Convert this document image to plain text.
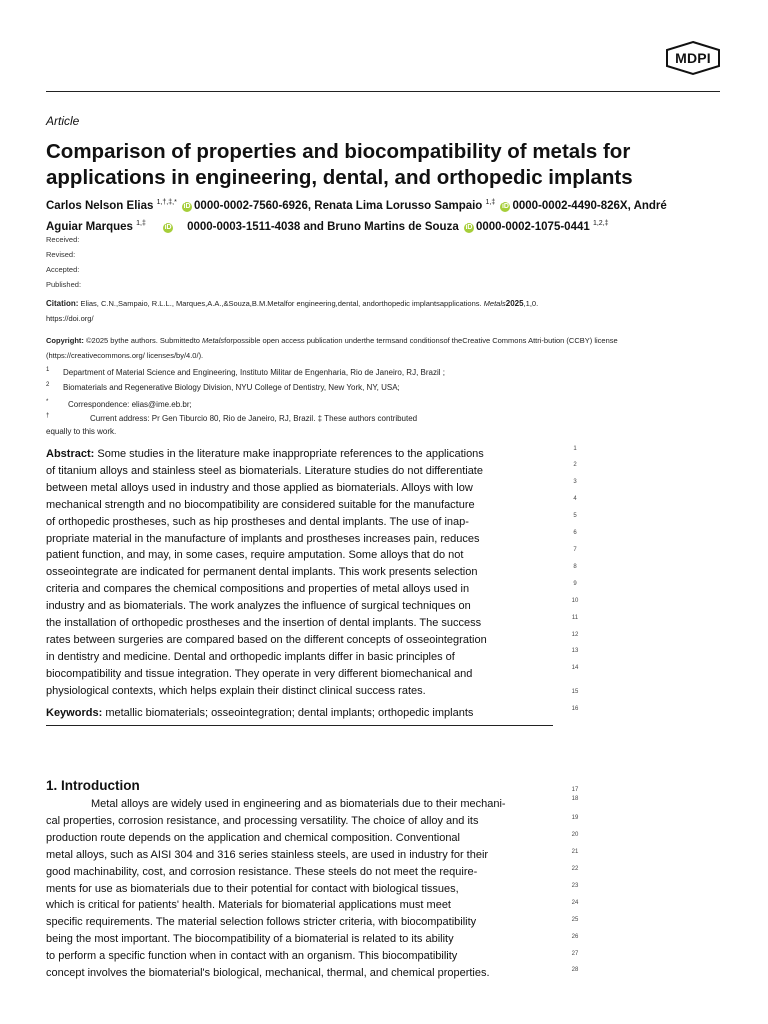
MDPI
Article
Comparison of properties and biocompatibility of metals for
applications in engineering, dental, and orthopedic implants
Carlos Nelson Elias $^{1,\dagger,\ddagger,*}$ iD 0000-0002-7560-6926, Renata Lima Lorusso Sampaio $^{1,\ddagger}$ iD 0000-0002-4490-826X, André
Aguiar Marques $^{1,\ddagger}$ iD 0000-0003-1511-4038 and Bruno Martins de Souza iD 0000-0002-1075-0441 $^{1,2,\ddagger}$
Received:
Revised:
Accepted:
Published:
Citation: Elias, C.N.,Sampaio, R.L.L., Marques,A.A.,&Souza,B.M.Metalfor engineering,dental, andorthopedic implantsapplications. Metals2025,1,0.
https://doi.org/
Copyright: ©2025 bythe authors. Submittedto Metalsforpossible open access publication underthe termsand conditionsof theCreative Commons Attri-bution (CCBY) license
(https://creativecommons.org/ licenses/by/4.0/).
1 Department of Material Science and Engineering, Instituto Militar de Engenharia, Rio de Janeiro, RJ, Brazil ;
2 Biomaterials and Regenerative Biology Division, NYU College of Dentistry, New York, NY, USA;
* Correspondence: elias@ime.eb.br;
†	Current address: Pr Gen Tiburcio 80, Rio de Janeiro, RJ, Brazil. ‡ These authors contributed
equally to this work.
Abstract: Some studies in the literature make inappropriate references to the applications
of titanium alloys and stainless steel as biomaterials. Literature studies do not differentiate
between metal alloys used in industry and those applied as biomaterials. Alloys with low
mechanical strength and no biocompatibility are considered suitable for the manufacture
of orthopedic prostheses, such as hip prostheses and dental implants. The use of inap-
propriate material in the manufacture of implants and prostheses increases pain, reduces
patient function, and may, in some cases, require amputation. Some alloys that do not
osseointegrate are indicated for permanent dental implants. This work presents selection
criteria and compares the chemical compositions and properties of metal alloys used in
industry and as biomaterials. The work analyzes the influence of surgical techniques on
the installation of orthopedic prostheses and the insertion of dental implants. The success
rates between surgeries are compared based on the different concepts of osseointegration
in dentistry and medicine. Dental and orthopedic implants differ in basic principles of
biocompatibility and tissue integration. They operate in very different biomechanical and
physiological contexts, which helps explain their distinct clinical success rates.
Keywords: metallic biomaterials; osseointegration; dental implants; orthopedic implants
1. Introduction
Metal alloys are widely used in engineering and as biomaterials due to their mechani-
cal properties, corrosion resistance, and processing versatility. The choice of alloy and its
production route depends on the application and chemical composition. Conventional
metal alloys, such as AISI 304 and 316 series stainless steels, are used in industry for their
good machinability, cost, and corrosion resistance. These steels do not meet the require-
ments for use as biomaterials due to their potential for contact with biological tissues,
which is critical for patients' health. Materials for biomaterial applications must meet
specific requirements. The material selection follows stricter criteria, with biocompatibility
being the most important. The biocompatibility of a biomaterial is related to its ability
to perform a specific function when in contact with an organism. This biocompatibility
concept involves the biomaterial's biological, mechanical, thermal, and chemical properties.
1
2
3
4
5
6
7
8
9
10
11
12
13
14
15
16
17
18
19
20
21
22
23
24
25
26
27
28
